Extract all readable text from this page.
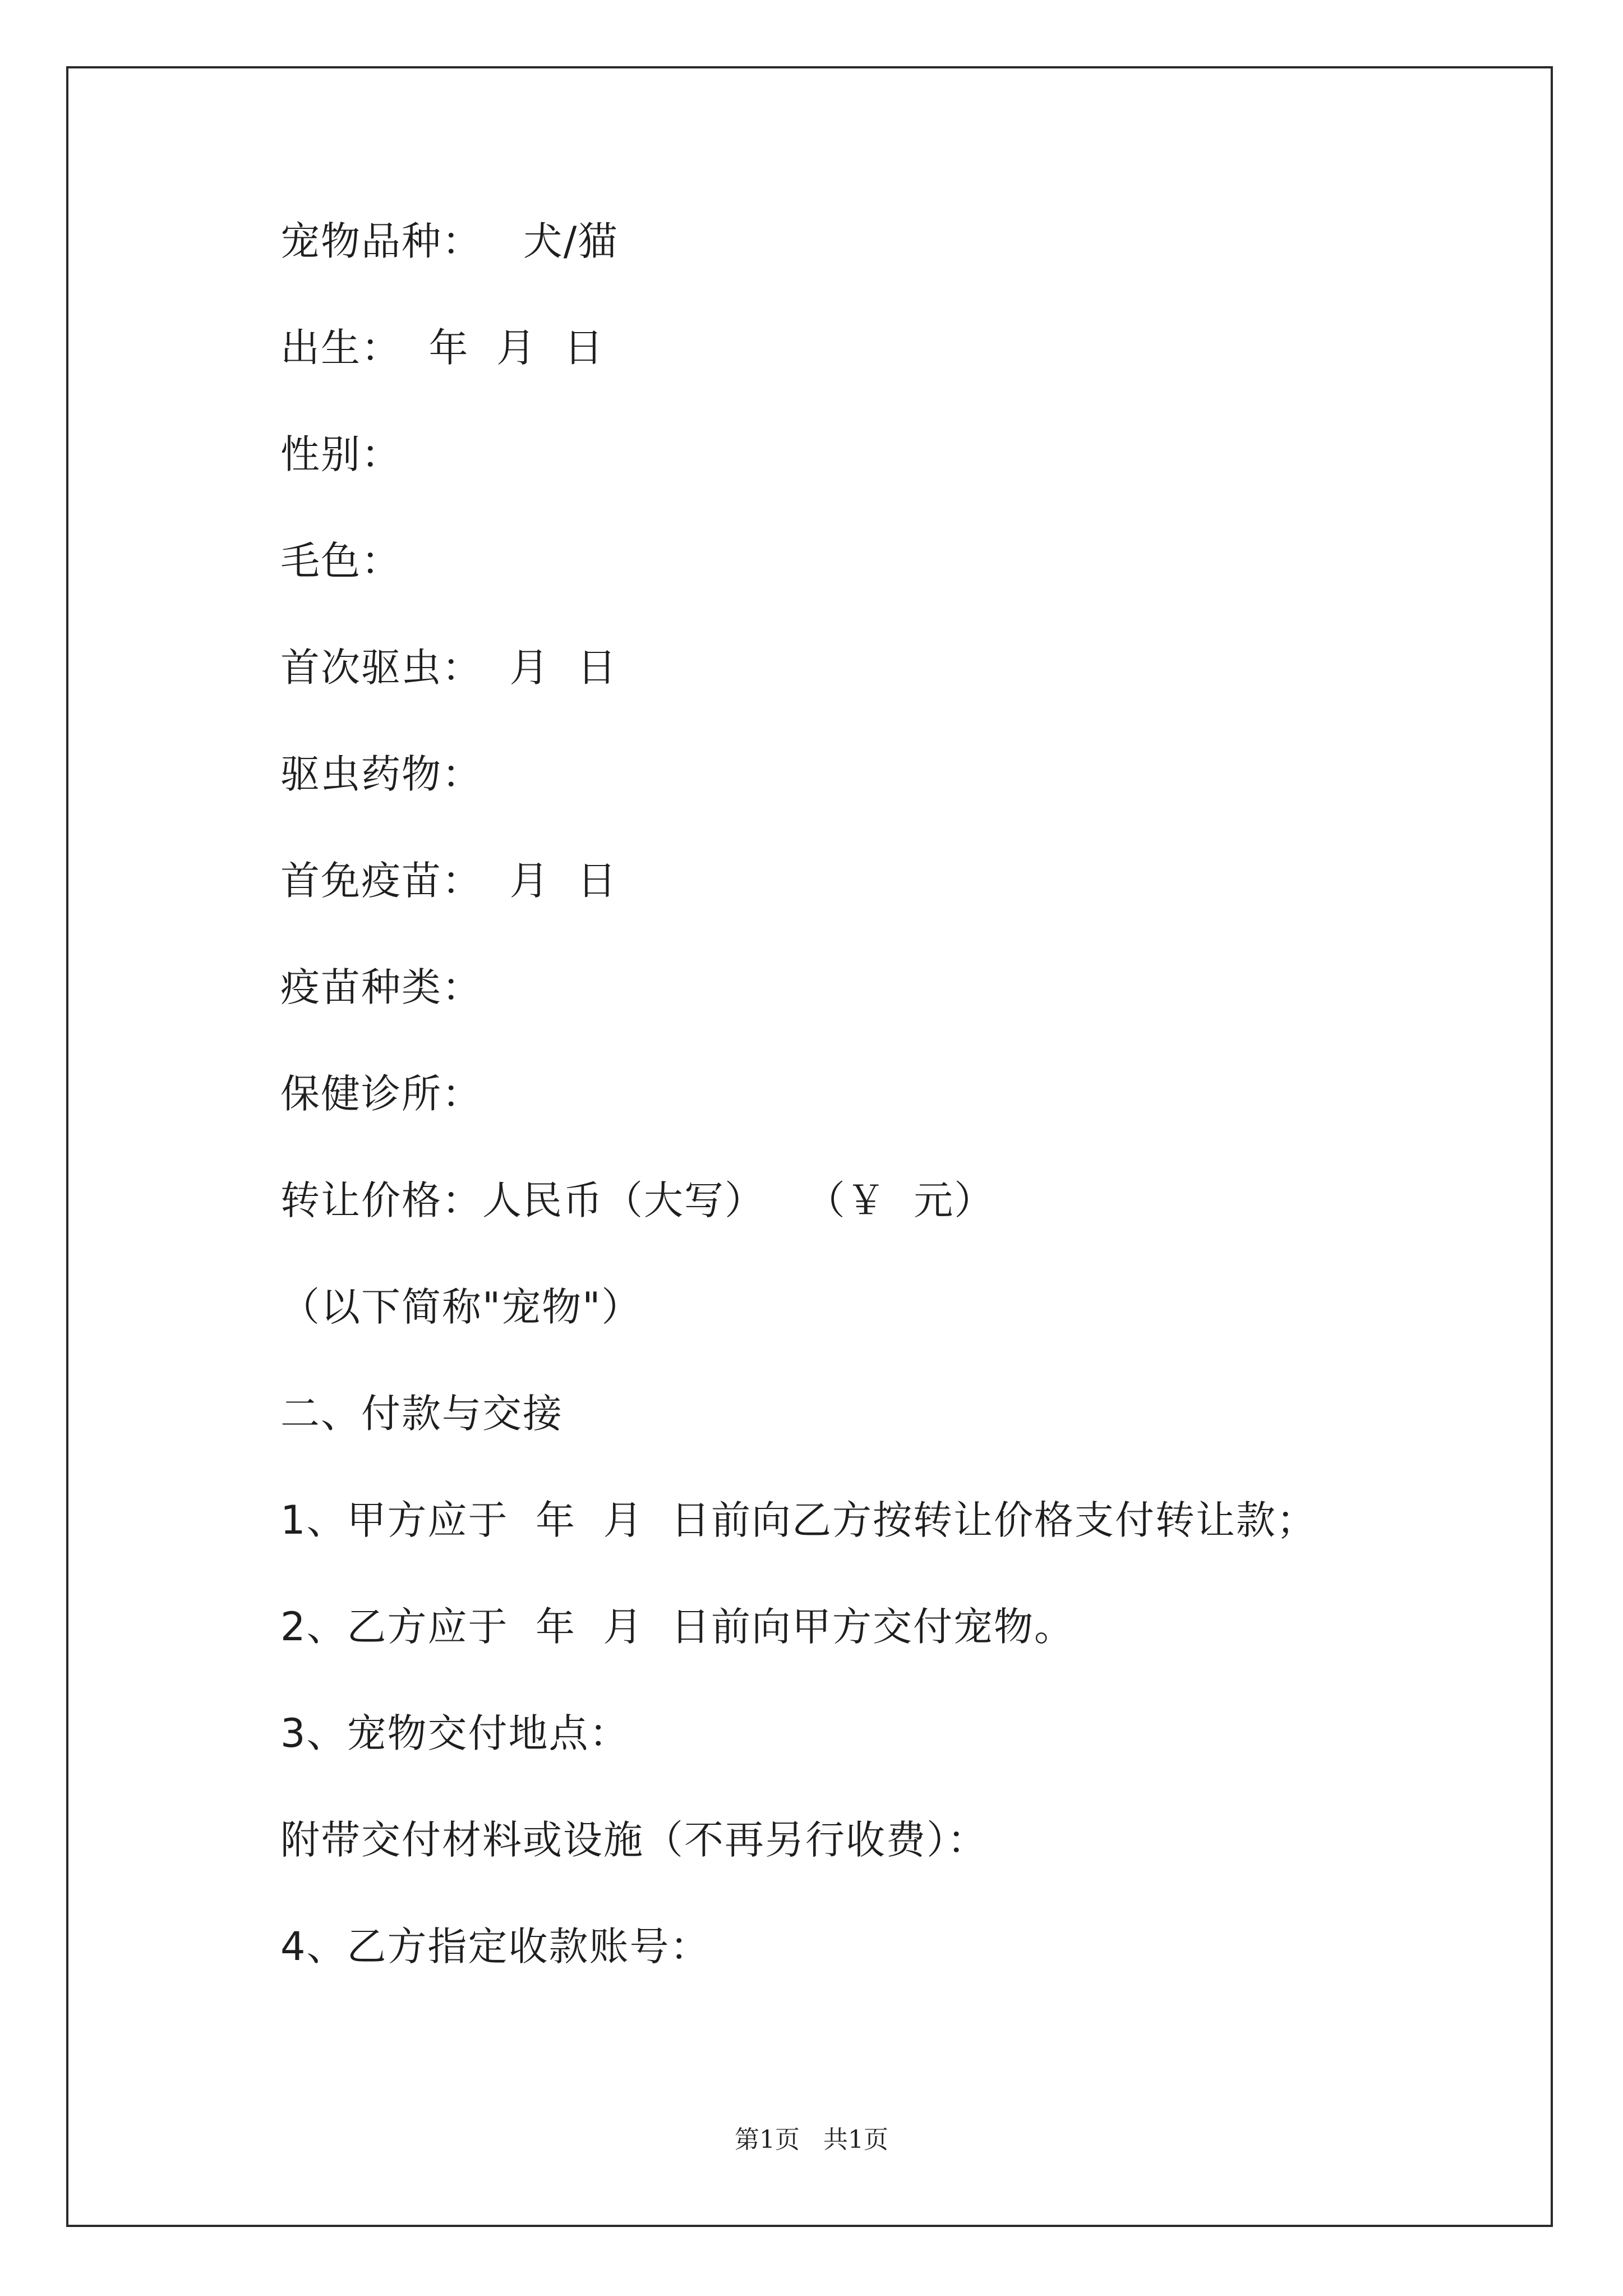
宠物品种：   犬/猫
出生：  年  月  日
性别：
毛色：
首次驱虫：  月  日
驱虫药物：
首免疫苗：  月  日
疫苗种类：
保健诊所：
转让价格：人民币（大写）   （￥  元）
（以下简称"宠物"）
二、付款与交接
1、甲方应于  年  月  日前向乙方按转让价格支付转让款；
2、乙方应于  年  月  日前向甲方交付宠物。
3、宠物交付地点：
附带交付材料或设施（不再另行收费）：
4、乙方指定收款账号：
第1页   共1页
